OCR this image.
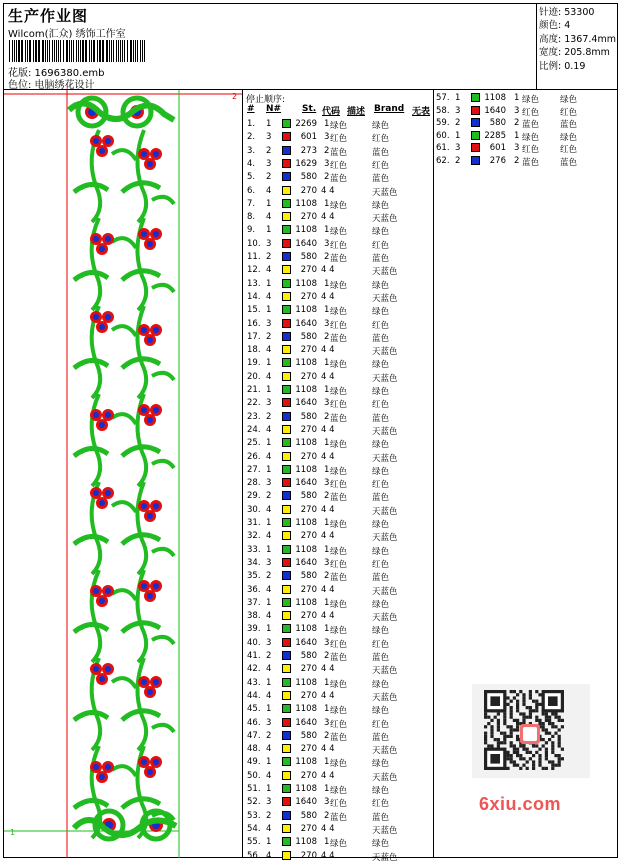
生产作业图
Wilcom(汇众) 绣饰工作室
花版: 1696380.emb
色位: 电脑绣花设计
针迹: 53300
颜色: 4
高度: 1367.4mm
宽度: 205.8mm
比例: 0.19
2
1
停止顺序:
# N# St. 代码 描述 Brand 无表
1. 1	2269 1 绿色	绿色
2. 3	601 3 红色	红色
3. 2	273 2 蓝色	蓝色
4. 3	1629 3 红色	红色
5. 2	580 2 蓝色	蓝色
6. 4	270 4 4	天蓝色
7. 1	1108 1 绿色	绿色
8. 4	270 4 4	天蓝色
9. 1	1108 1 绿色	绿色
10. 3	1640 3 红色	红色
11. 2	580 2 蓝色	蓝色
12. 4	270 4 4	天蓝色
13. 1	1108 1 绿色	绿色
14. 4	270 4 4	天蓝色
15. 1	1108 1 绿色	绿色
16. 3	1640 3 红色	红色
17. 2	580 2 蓝色	蓝色
18. 4	270 4 4	天蓝色
19. 1	1108 1 绿色	绿色
20. 4	270 4 4	天蓝色
21. 1	1108 1 绿色	绿色
22. 3	1640 3 红色	红色
23. 2	580 2 蓝色	蓝色
24. 4	270 4 4	天蓝色
25. 1	1108 1 绿色	绿色
26. 4	270 4 4	天蓝色
27. 1	1108 1 绿色	绿色
28. 3	1640 3 红色	红色
29. 2	580 2 蓝色	蓝色
30. 4	270 4 4	天蓝色
31. 1	1108 1 绿色	绿色
32. 4	270 4 4	天蓝色
33. 1	1108 1 绿色	绿色
34. 3	1640 3 红色	红色
35. 2	580 2 蓝色	蓝色
36. 4	270 4 4	天蓝色
37. 1	1108 1 绿色	绿色
38. 4	270 4 4	天蓝色
39. 1	1108 1 绿色	绿色
40. 3	1640 3 红色	红色
41. 2	580 2 蓝色	蓝色
42. 4	270 4 4	天蓝色
43. 1	1108 1 绿色	绿色
44. 4	270 4 4	天蓝色
45. 1	1108 1 绿色	绿色
46. 3	1640 3 红色	红色
47. 2	580 2 蓝色	蓝色
48. 4	270 4 4	天蓝色
49. 1	1108 1 绿色	绿色
50. 4	270 4 4	天蓝色
51. 1	1108 1 绿色	绿色
52. 3	1640 3 红色	红色
53. 2	580 2 蓝色	蓝色
54. 4	270 4 4	天蓝色
55. 1	1108 1 绿色	绿色
56. 4	270 4 4	天蓝色
57. 1	1108 1 绿色 绿色
58. 3	1640 3 红色 红色
59. 2	580 2 蓝色 蓝色
60. 1	2285 1 绿色 绿色
61. 3	601 3 红色 红色
62. 2	276 2 蓝色 蓝色
6xiu.com
